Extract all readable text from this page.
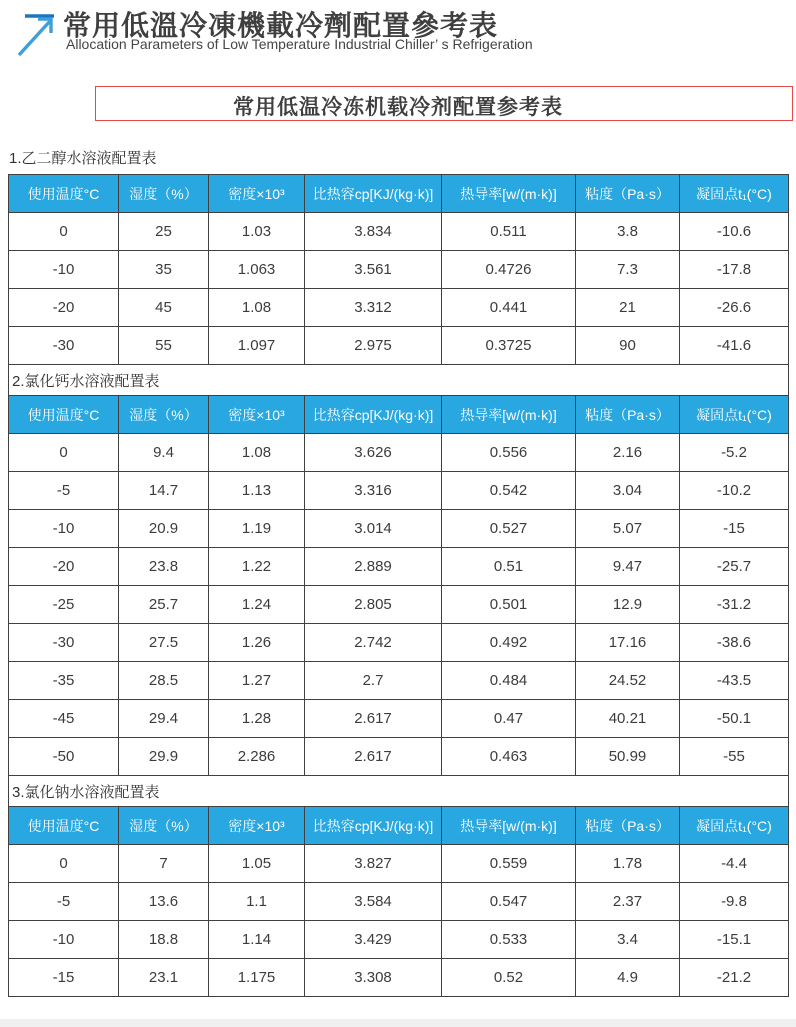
常用低溫冷凍機載冷劑配置參考表
Allocation Parameters of Low Temperature Industrial Chiller’ s Refrigeration
常用低温冷冻机载冷剂配置参考表
1.乙二醇水溶液配置表
使用温度°C	湿度（%）	密度×10³	比热容cp[KJ/(kg·k)]	热导率[w/(m·k)]	粘度（Pa·s）	凝固点t₁(°C)
0	25	1.03	3.834	0.511	3.8	-10.6
-10	35	1.063	3.561	0.4726	7.3	-17.8
-20	45	1.08	3.312	0.441	21	-26.6
-30	55	1.097	2.975	0.3725	90	-41.6
2.氯化钙水溶液配置表						
使用温度°C	湿度（%）	密度×10³	比热容cp[KJ/(kg·k)]	热导率[w/(m·k)]	粘度（Pa·s）	凝固点t₁(°C)
0	9.4	1.08	3.626	0.556	2.16	-5.2
-5	14.7	1.13	3.316	0.542	3.04	-10.2
-10	20.9	1.19	3.014	0.527	5.07	-15
-20	23.8	1.22	2.889	0.51	9.47	-25.7
-25	25.7	1.24	2.805	0.501	12.9	-31.2
-30	27.5	1.26	2.742	0.492	17.16	-38.6
-35	28.5	1.27	2.7	0.484	24.52	-43.5
-45	29.4	1.28	2.617	0.47	40.21	-50.1
-50	29.9	2.286	2.617	0.463	50.99	-55
3.氯化钠水溶液配置表						
使用温度°C	湿度（%）	密度×10³	比热容cp[KJ/(kg·k)]	热导率[w/(m·k)]	粘度（Pa·s）	凝固点t₁(°C)
0	7	1.05	3.827	0.559	1.78	-4.4
-5	13.6	1.1	3.584	0.547	2.37	-9.8
-10	18.8	1.14	3.429	0.533	3.4	-15.1
-15	23.1	1.175	3.308	0.52	4.9	-21.2
